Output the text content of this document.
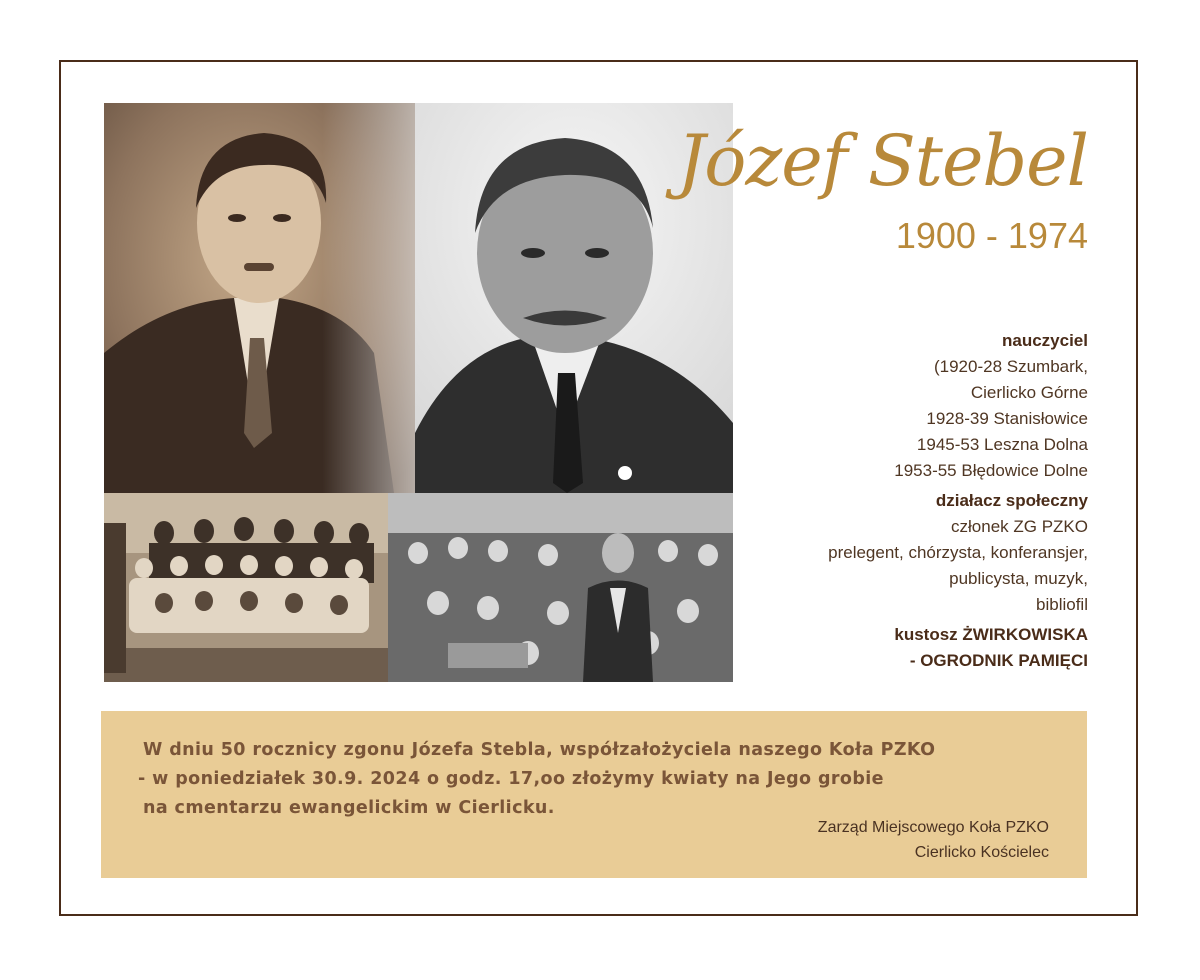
Józef Stebel
1900 - 1974
nauczyciel
(1920-28 Szumbark,
Cierlicko Górne
1928-39 Stanisłowice
1945-53 Leszna Dolna
1953-55 Błędowice Dolne
działacz społeczny
członek ZG PZKO
prelegent, chórzysta, konferansjer,
publicysta, muzyk,
bibliofil
kustosz ŻWIRKOWISKA
- OGRODNIK PAMIĘCI
W dniu 50 rocznicy zgonu Józefa Stebla, współzałożyciela naszego Koła PZKO
- w poniedziałek 30.9. 2024 o godz. 17,oo złożymy kwiaty na Jego grobie
na cmentarzu ewangelickim w Cierlicku.
Zarząd Miejscowego Koła PZKO
Cierlicko Kościelec
